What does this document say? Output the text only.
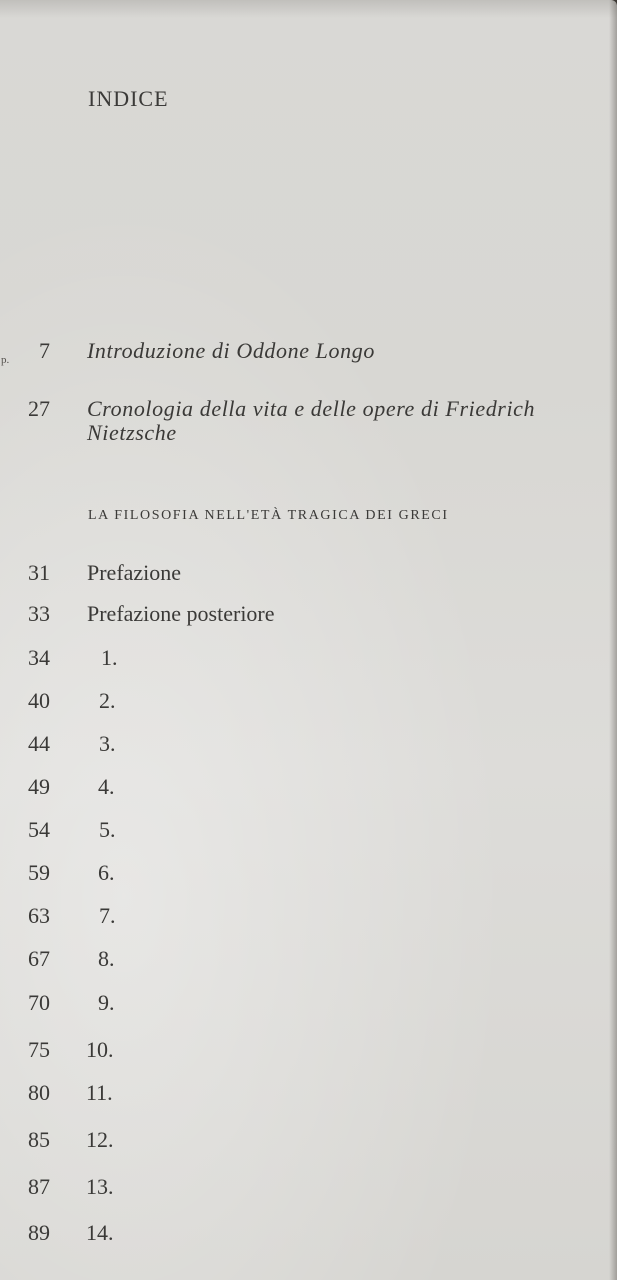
INDICE
p. 7 Introduzione di Oddone Longo
27 Cronologia della vita e delle opere di Friedrich
Nietzsche
LA FILOSOFIA NELL'ETÀ TRAGICA DEI GRECI
31 Prefazione
33 Prefazione posteriore
34 1.
40 2.
44 3.
49 4.
54 5.
59 6.
63 7.
67 8.
70 9.
75 10.
80 11.
85 12.
87 13.
89 14.
